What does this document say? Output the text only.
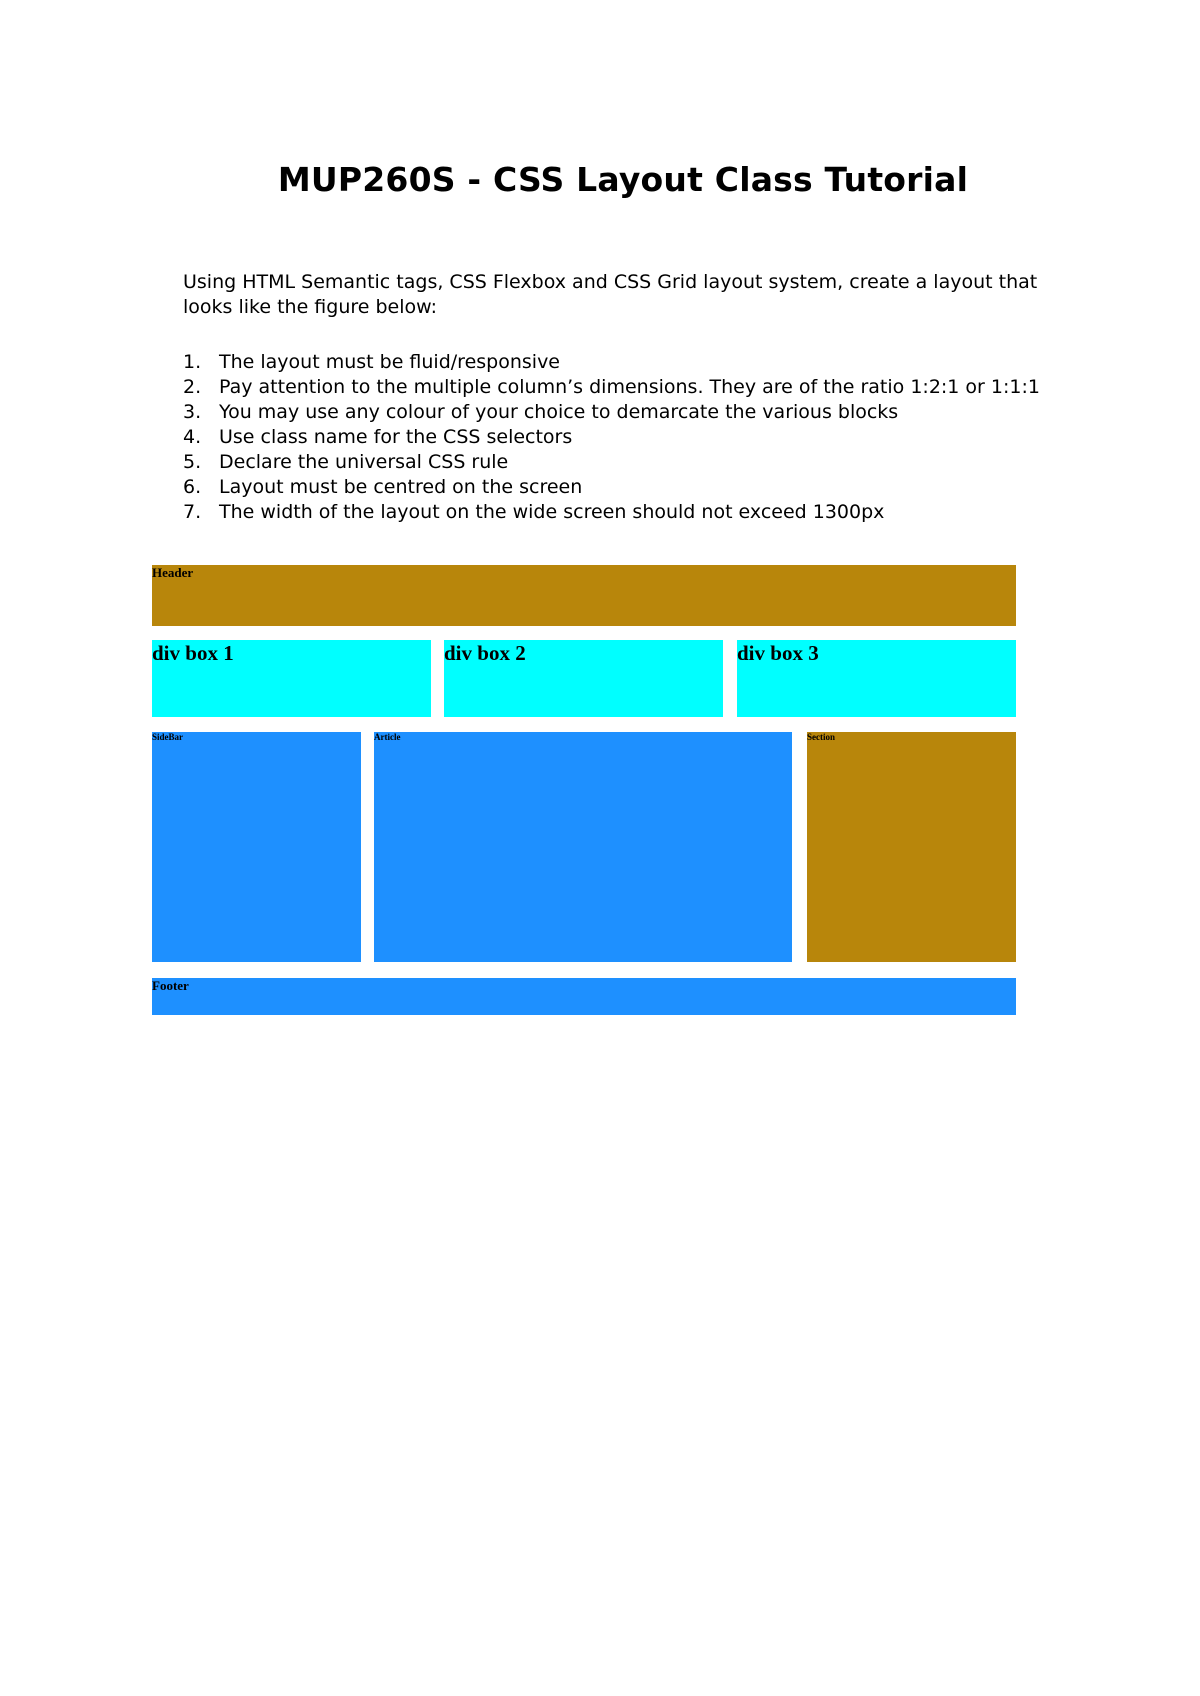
MUP260S - CSS Layout Class Tutorial

Using HTML Semantic tags, CSS Flexbox and CSS Grid layout system, create a layout that looks like the figure below:

1. The layout must be fluid/responsive
2. Pay attention to the multiple column’s dimensions. They are of the ratio 1:2:1 or 1:1:1
3. You may use any colour of your choice to demarcate the various blocks
4. Use class name for the CSS selectors
5. Declare the universal CSS rule
6. Layout must be centred on the screen
7. The width of the layout on the wide screen should not exceed 1300px
Header
div box 1	div box 2	div box 3
SideBar	Article	Section
Footer
